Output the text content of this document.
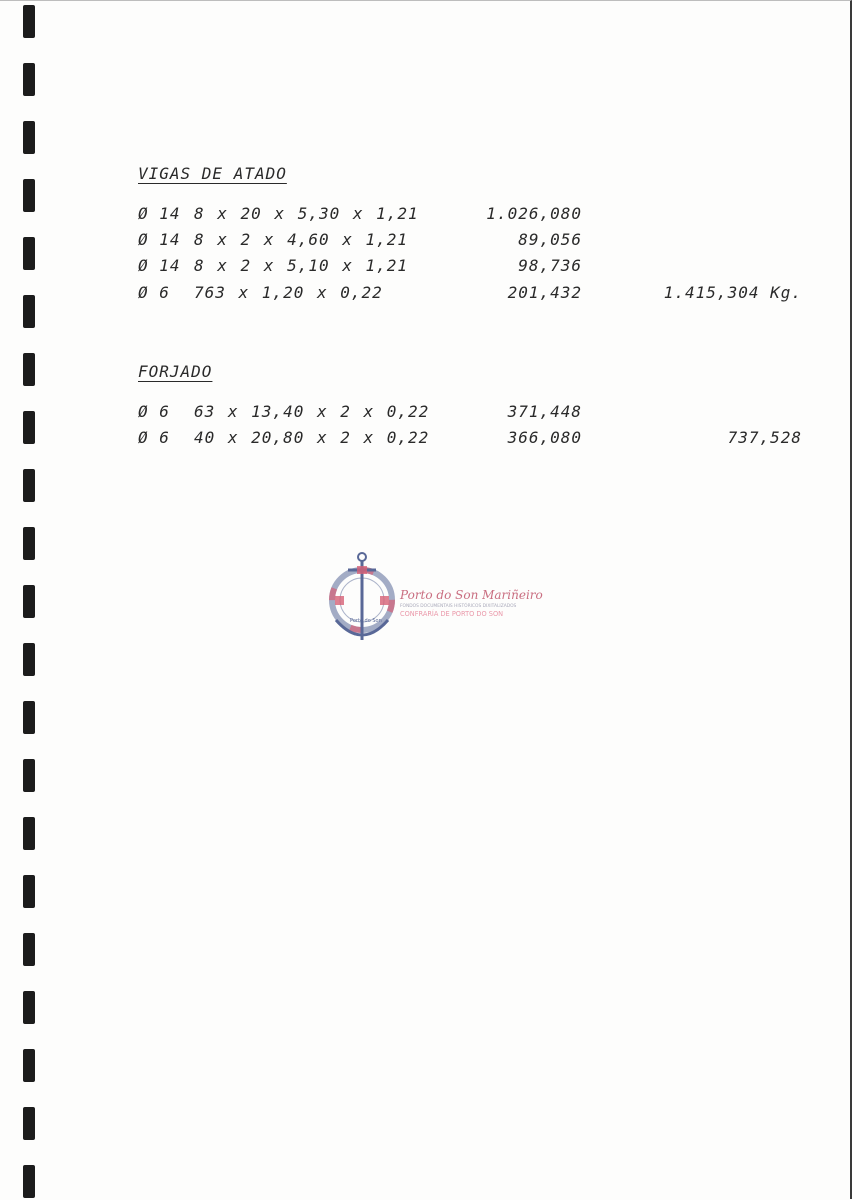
VIGAS DE ATADO
Ø 14 8 x 20 x 5,30 x 1,21	1.026,080
Ø 14 8 x 2 x 4,60 x 1,21	89,056
Ø 14 8 x 2 x 5,10 x 1,21	98,736
Ø 6 763 x 1,20 x 0,22	201,432	1.415,304 Kg.
FORJADO
Ø 6 63 x 13,40 x 2 x 0,22	371,448
Ø 6 40 x 20,80 x 2 x 0,22	366,080	737,528
Porto do Son
Porto do Son Mariñeiro
FONDOS DOCUMENTAIS HISTÓRICOS DIXITALIZADOS
CONFRARÍA DE PORTO DO SON
